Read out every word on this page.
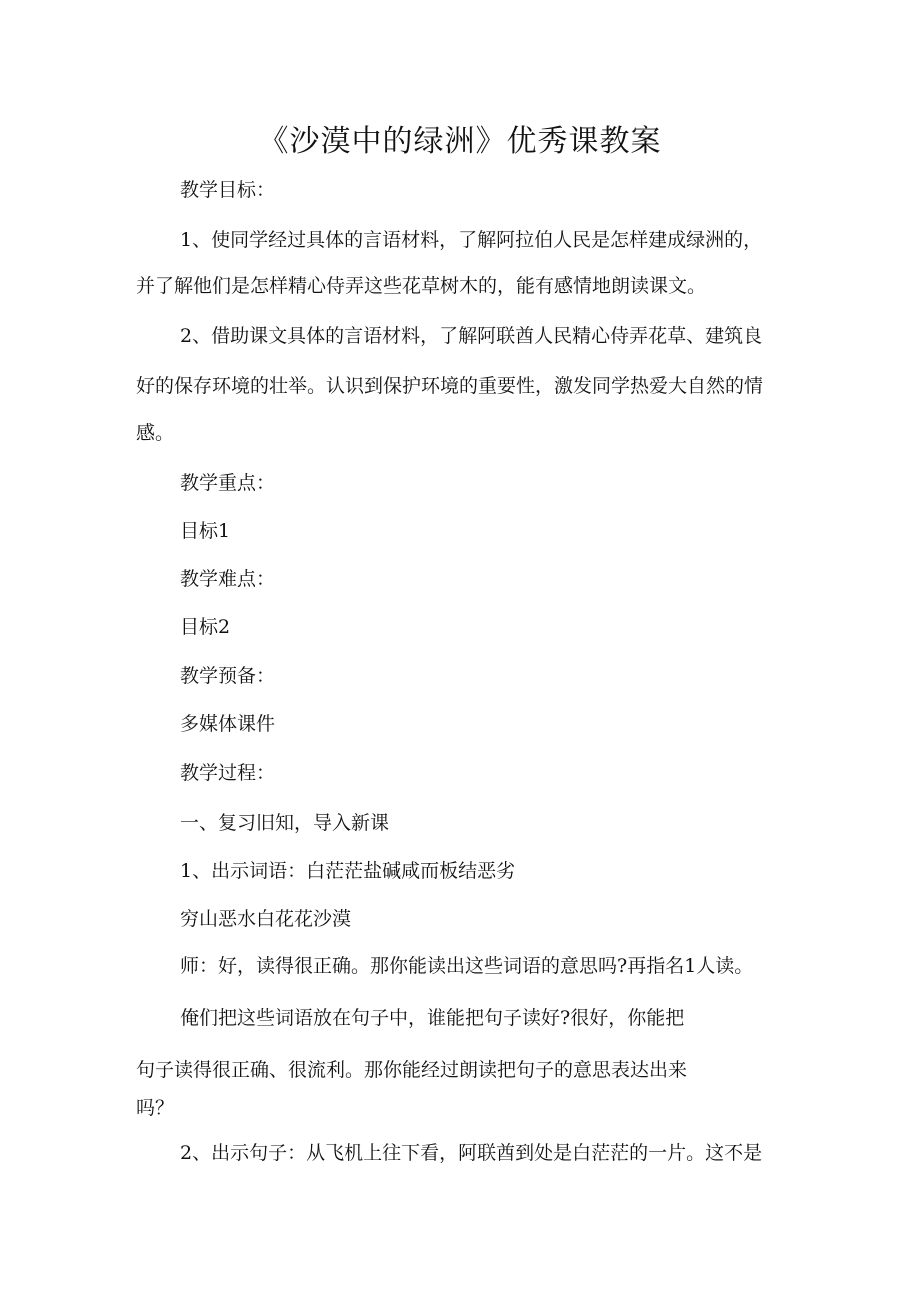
《沙漠中的绿洲》优秀课教案
教学目标：
1、使同学经过具体的言语材料，了解阿拉伯人民是怎样建成绿洲的，
并了解他们是怎样精心侍弄这些花草树木的，能有感情地朗读课文。
2、借助课文具体的言语材料，了解阿联酋人民精心侍弄花草、建筑良
好的保存环境的壮举。认识到保护环境的重要性，激发同学热爱大自然的情
感。
教学重点：
目标1
教学难点：
目标2
教学预备：
多媒体课件
教学过程：
一、复习旧知，导入新课
1、出示词语：白茫茫盐碱咸而板结恶劣
穷山恶水白花花沙漠
师：好，读得很正确。那你能读出这些词语的意思吗?再指名1人读。
俺们把这些词语放在句子中，谁能把句子读好?很好，你能把
句子读得很正确、很流利。那你能经过朗读把句子的意思表达出来
吗？
2、出示句子：从飞机上往下看，阿联酋到处是白茫茫的一片。这不是
